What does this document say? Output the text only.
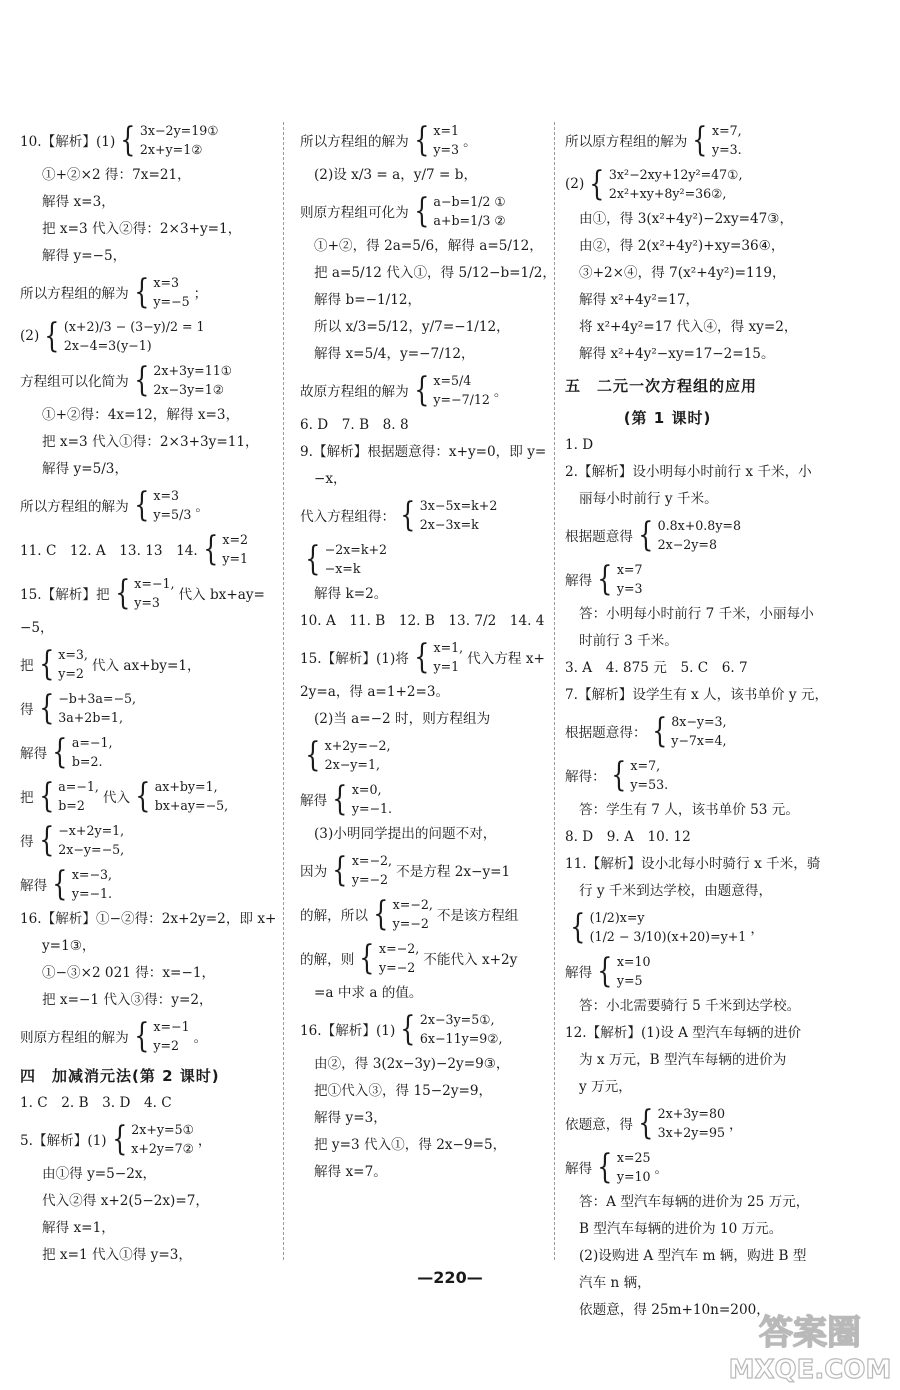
10.【解析】(1) { 3x−2y=19①
2x+y=1②

①+②×2 得：7x=21，

解得 x=3，

把 x=3 代入②得：2×3+y=1，

解得 y=−5，

所以方程组的解为 { x=3
y=−5 ；
(2) { (x+2)/3 − (3−y)/2 = 1
2x−4=3(y−1)
方程组可以化简为 { 2x+3y=11①
2x−3y=1②

①+②得：4x=12，解得 x=3，

把 x=3 代入①得：2×3+3y=11，

解得 y=5/3，

所以方程组的解为 { x=3
y=5/3 。
11. C　12. A　13. 13　14. { x=2
y=1
15.【解析】把 { x=−1,
y=3	代入 bx+ay=

−5，

把 { x=3,
y=2 代入 ax+by=1，
得 { −b+3a=−5,
3a+2b=1,
解得 { a=−1,
b=2.
把 { a=−1,
b=2	代入 { ax+by=1,
bx+ay=−5,
得 { −x+2y=1,
2x−y=−5,
解得 { x=−3,
y=−1.

16.【解析】①−②得：2x+2y=2，即 x+

y=1③，

①−③×2 021 得：x=−1，

把 x=−1 代入③得：y=2，

则原方程组的解为 { x=−1
y=2	。
四　加减消元法(第 2 课时)

1. C　2. B　3. D　4. C

5.【解析】(1) { 2x+y=5①
x+2y=7② ，

由①得 y=5−2x，

代入②得 x+2(5−2x)=7，

解得 x=1，

把 x=1 代入①得 y=3，

所以方程组的解为 { x=1
y=3 。

(2)设 x/3 = a，y/7 = b，

则原方程组可化为 { a−b=1/2 ①
a+b=1/3 ②

①+②，得 2a=5/6，解得 a=5/12，

把 a=5/12 代入①，得 5/12−b=1/2，

解得 b=−1/12，

所以 x/3=5/12，y/7=−1/12，

解得 x=5/4，y=−7/12，

故原方程组的解为 { x=5/4
y=−7/12 。

6. D　7. B　8. 8

9.【解析】根据题意得：x+y=0，即 y=

−x，

代入方程组得： { 3x−5x=k+2
2x−3x=k
{ −2x=k+2
−x=k

解得 k=2。

10. A　11. B　12. B　13. 7/2　14. 4

15.【解析】(1)将 { x=1,
y=1 代入方程 x+

2y=a，得 a=1+2=3。

(2)当 a=−2 时，则方程组为

{ x+2y=−2,
2x−y=1,
解得 { x=0,
y=−1.

(3)小明同学提出的问题不对，

因为 { x=−2,
y=−2 不是方程 2x−y=1
的解，所以 { x=−2,
y=−2 不是该方程组
的解，则 { x=−2,
y=−2 不能代入 x+2y

=a 中求 a 的值。

16.【解析】(1) { 2x−3y=5①,
6x−11y=9②,

由②，得 3(2x−3y)−2y=9③，

把①代入③，得 15−2y=9，

解得 y=3，

把 y=3 代入①，得 2x−9=5，

解得 x=7。

所以原方程组的解为 { x=7,
y=3.
(2) { 3x²−2xy+12y²=47①,
2x²+xy+8y²=36②,

由①，得 3(x²+4y²)−2xy=47③，

由②，得 2(x²+4y²)+xy=36④，

③+2×④，得 7(x²+4y²)=119，

解得 x²+4y²=17，

将 x²+4y²=17 代入④，得 xy=2，

解得 x²+4y²−xy=17−2=15。

五　二元一次方程组的应用
(第 1 课时)

1. D

2.【解析】设小明每小时前行 x 千米，小

丽每小时前行 y 千米。

根据题意得 { 0.8x+0.8y=8
2x−2y=8
解得 { x=7
y=3

答：小明每小时前行 7 千米，小丽每小

时前行 3 千米。

3. A　4. 875 元　5. C　6. 7

7.【解析】设学生有 x 人，该书单价 y 元，

根据题意得： { 8x−y=3,
y−7x=4,
解得： { x=7,
y=53.

答：学生有 7 人，该书单价 53 元。

8. D　9. A　10. 12

11.【解析】设小北每小时骑行 x 千米，骑

行 y 千米到达学校，由题意得，

{ (1/2)x=y
(1/2 − 3/10)(x+20)=y+1 ，
解得 { x=10
y=5

答：小北需要骑行 5 千米到达学校。

12.【解析】(1)设 A 型汽车每辆的进价

为 x 万元，B 型汽车每辆的进价为

y 万元，

依题意，得 { 2x+3y=80
3x+2y=95 ，
解得 { x=25
y=10 。

答：A 型汽车每辆的进价为 25 万元，

B 型汽车每辆的进价为 10 万元。

(2)设购进 A 型汽车 m 辆，购进 B 型

汽车 n 辆，

依题意，得 25m+10n=200，

—220—
答案圈
MXQE.COM
